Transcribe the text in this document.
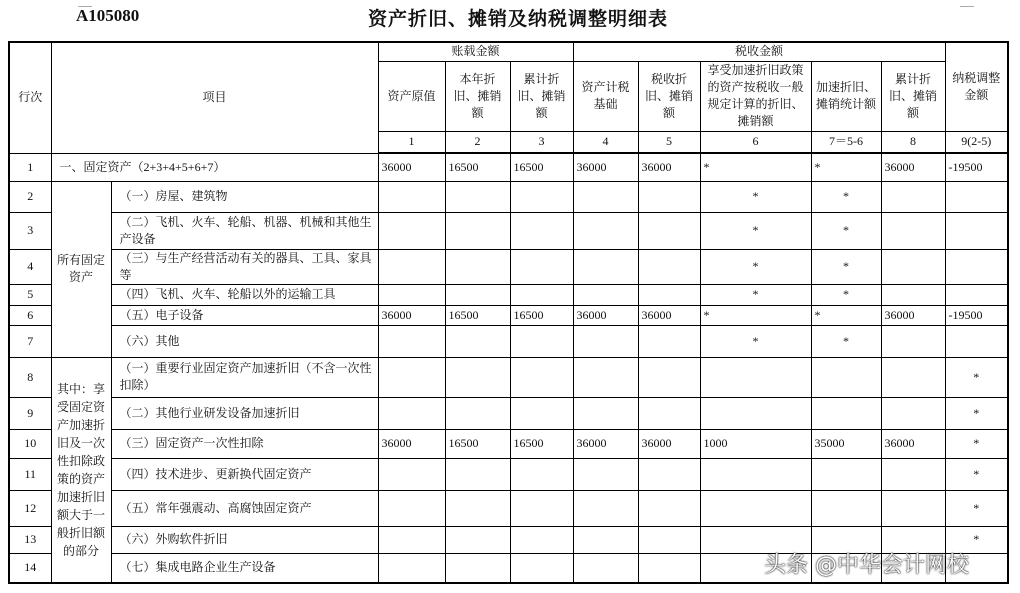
A105080	资产折旧、摊销及纳税调整明细表
行次	项目		账载金额			税收金额					纳税调整金额
			资产原值	本年折旧、摊销额	累计折旧、摊销额	资产计税基础	税收折旧、摊销额	享受加速折旧政策的资产按税收一般规定计算的折旧、摊销额	加速折旧、摊销统计额	累计折旧、摊销额	
			1	2	3	4	5	6	7＝5-6	8	9(2-5)
1	一、固定资产（2+3+4+5+6+7）		36000	16500	16500	36000	36000	*	*	36000	-19500
2	所有固定资产	（一）房屋、建筑物						*	*		
3		（二）飞机、火车、轮船、机器、机械和其他生产设备						*	*		
4		（三）与生产经营活动有关的器具、工具、家具等						*	*		
5		（四）飞机、火车、轮船以外的运输工具						*	*		
6		（五）电子设备	36000	16500	16500	36000	36000	*	*	36000	-19500
7		（六）其他						*	*		
8	其中：享受固定资产加速折旧及一次性扣除政策的资产加速折旧额大于一般折旧额的部分	（一）重要行业固定资产加速折旧（不含一次性扣除）									*
9		（二）其他行业研发设备加速折旧									*
10		（三）固定资产一次性扣除	36000	16500	16500	36000	36000	1000	35000	36000	*
11		（四）技术进步、更新换代固定资产									*
12		（五）常年强震动、高腐蚀固定资产									*
13		（六）外购软件折旧									*
14		（七）集成电路企业生产设备										头条 @中华会计网校
